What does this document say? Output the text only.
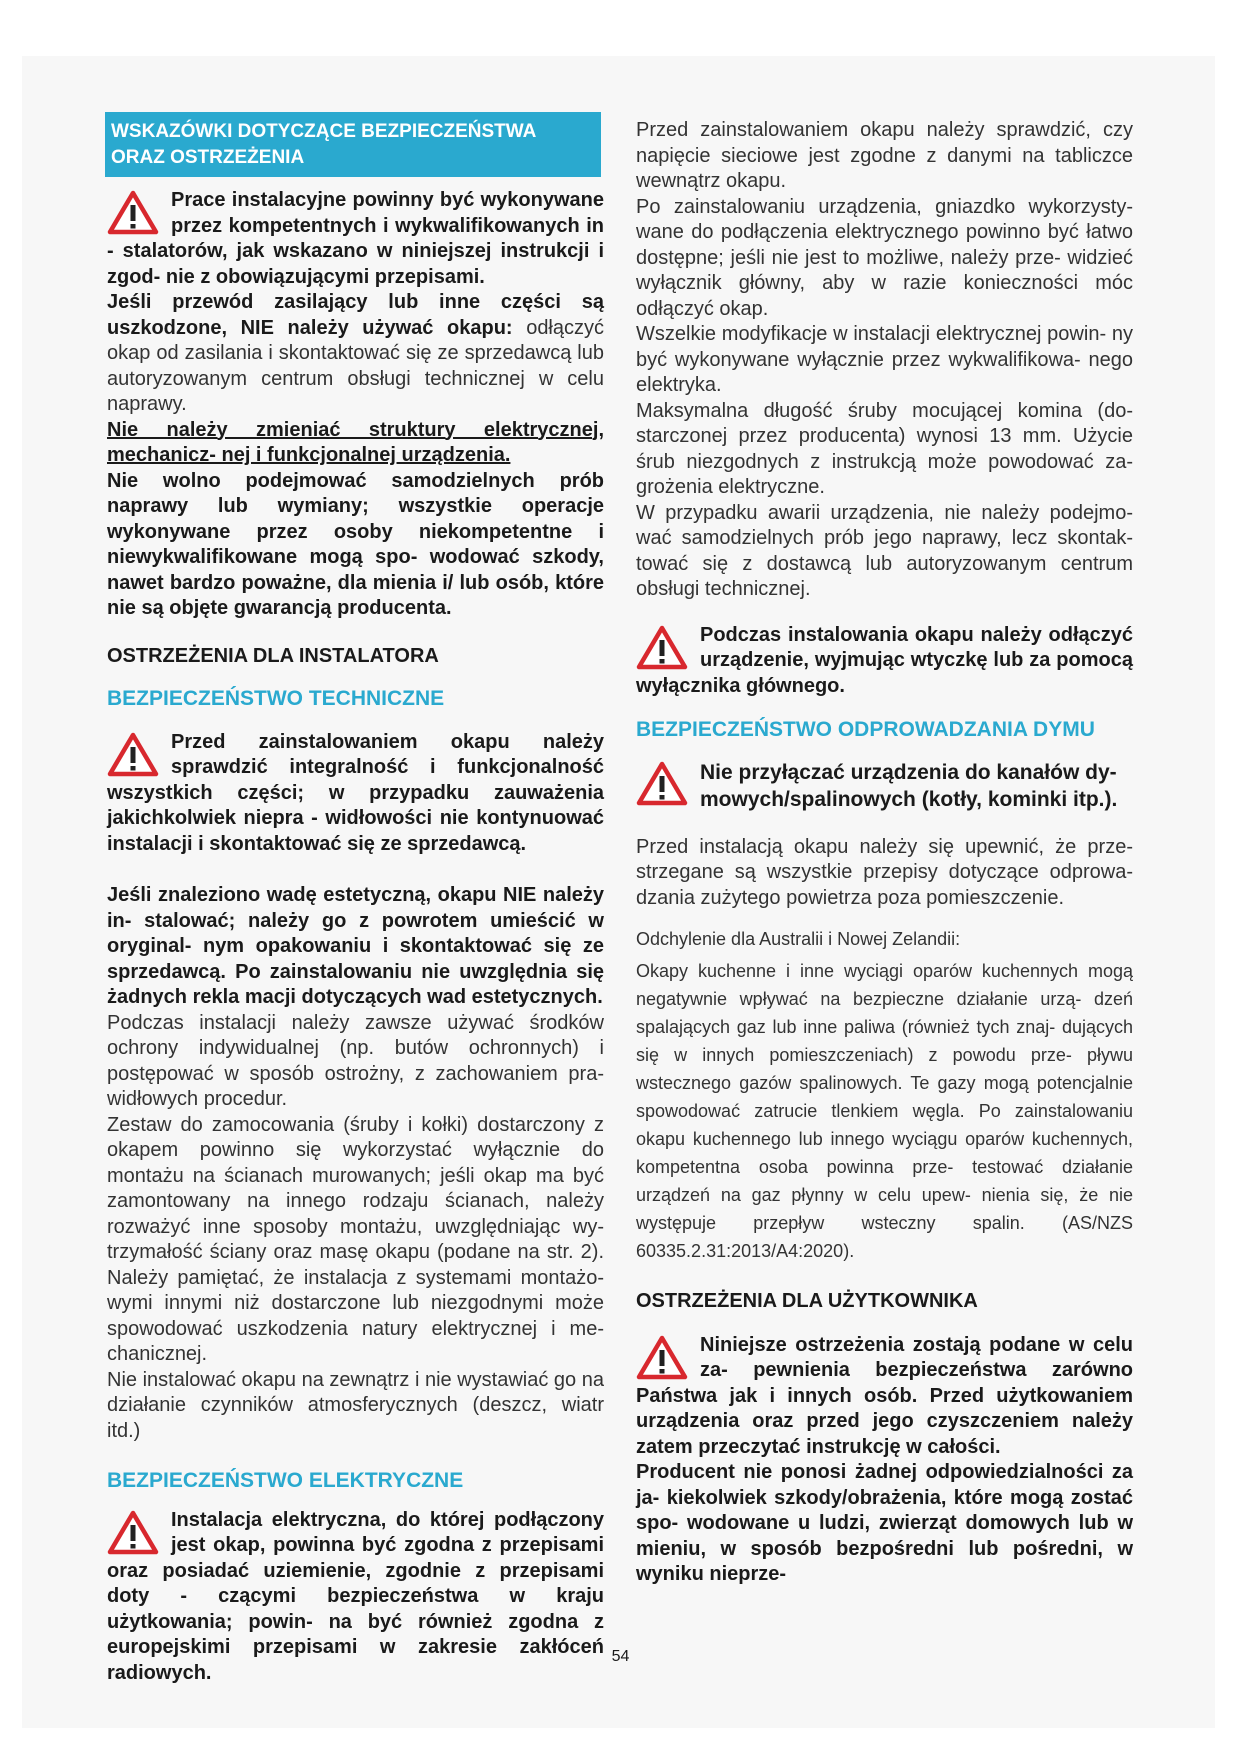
WSKAZÓWKI DOTYCZĄCE BEZPIECZEŃSTWA ORAZ OSTRZEŻENIA

Prace instalacyjne powinny być wykonywane przez kompetentnych i wykwalifikowanych in - stalatorów, jak wskazano w niniejszej instrukcji i zgod- nie z obowiązującymi przepisami.

Jeśli przewód zasilający lub inne części są uszkodzone, NIE należy używać okapu: odłączyć okap od zasilania i skontaktować się ze sprzedawcą lub autoryzowanym centrum obsługi technicznej w celu naprawy.

Nie należy zmieniać struktury elektrycznej, mechanicz- nej i funkcjonalnej urządzenia.

Nie wolno podejmować samodzielnych prób naprawy lub wymiany; wszystkie operacje wykonywane przez osoby niekompetentne i niewykwalifikowane mogą spo- wodować szkody, nawet bardzo poważne, dla mienia i/ lub osób, które nie są objęte gwarancją producenta.

OSTRZEŻENIA DLA INSTALATORA

BEZPIECZEŃSTWO TECHNICZNE

Przed zainstalowaniem okapu należy sprawdzić integralność i funkcjonalność wszystkich części; w przypadku zauważenia jakichkolwiek niepra - widłowości nie kontynuować instalacji i skontaktować się ze sprzedawcą.

Jeśli znaleziono wadę estetyczną, okapu NIE należy in- stalować; należy go z powrotem umieścić w oryginal- nym opakowaniu i skontaktować się ze sprzedawcą. Po zainstalowaniu nie uwzględnia się żadnych rekla macji dotyczących wad estetycznych.

Podczas instalacji należy zawsze używać środków ochrony indywidualnej (np. butów ochronnych) i postępować w sposób ostrożny, z zachowaniem pra- widłowych procedur.

Zestaw do zamocowania (śruby i kołki) dostarczony z okapem powinno się wykorzystać wyłącznie do montażu na ścianach murowanych; jeśli okap ma być zamontowany na innego rodzaju ścianach, należy rozważyć inne sposoby montażu, uwzględniając wy- trzymałość ściany oraz masę okapu (podane na str. 2). Należy pamiętać, że instalacja z systemami montażo- wymi innymi niż dostarczone lub niezgodnymi może spowodować uszkodzenia natury elektrycznej i me- chanicznej.

Nie instalować okapu na zewnątrz i nie wystawiać go na działanie czynników atmosferycznych (deszcz, wiatr itd.)

BEZPIECZEŃSTWO ELEKTRYCZNE

Instalacja elektryczna, do której podłączony jest okap, powinna być zgodna z przepisami oraz posiadać uziemienie, zgodnie z przepisami doty - czącymi bezpieczeństwa w kraju użytkowania; powin- na być również zgodna z europejskimi przepisami w zakresie zakłóceń radiowych.

Przed zainstalowaniem okapu należy sprawdzić, czy napięcie sieciowe jest zgodne z danymi na tabliczce wewnątrz okapu.

Po zainstalowaniu urządzenia, gniazdko wykorzysty- wane do podłączenia elektrycznego powinno być łatwo dostępne; jeśli nie jest to możliwe, należy prze- widzieć wyłącznik główny, aby w razie konieczności móc odłączyć okap.

Wszelkie modyfikacje w instalacji elektrycznej powin- ny być wykonywane wyłącznie przez wykwalifikowa- nego elektryka.

Maksymalna długość śruby mocującej komina (do- starczonej przez producenta) wynosi 13 mm. Użycie śrub niezgodnych z instrukcją może powodować za- grożenia elektryczne.

W przypadku awarii urządzenia, nie należy podejmo- wać samodzielnych prób jego naprawy, lecz skontak- tować się z dostawcą lub autoryzowanym centrum obsługi technicznej.

Podczas instalowania okapu należy odłączyć urządzenie, wyjmując wtyczkę lub za pomocą wyłącznika głównego.

BEZPIECZEŃSTWO ODPROWADZANIA DYMU

Nie przyłączać urządzenia do kanałów dy- mowych/spalinowych (kotły, kominki itp.).

Przed instalacją okapu należy się upewnić, że prze- strzegane są wszystkie przepisy dotyczące odprowa- dzania zużytego powietrza poza pomieszczenie.

Odchylenie dla Australii i Nowej Zelandii:

Okapy kuchenne i inne wyciągi oparów kuchennych mogą negatywnie wpływać na bezpieczne działanie urzą- dzeń spalających gaz lub inne paliwa (również tych znaj- dujących się w innych pomieszczeniach) z powodu prze- pływu wstecznego gazów spalinowych. Te gazy mogą potencjalnie spowodować zatrucie tlenkiem węgla. Po zainstalowaniu okapu kuchennego lub innego wyciągu oparów kuchennych, kompetentna osoba powinna prze- testować działanie urządzeń na gaz płynny w celu upew- nienia się, że nie występuje przepływ wsteczny spalin. (AS/NZS 60335.2.31:2013/A4:2020).

OSTRZEŻENIA DLA UŻYTKOWNIKA

Niniejsze ostrzeżenia zostają podane w celu za- pewnienia bezpieczeństwa zarówno Państwa jak i innych osób. Przed użytkowaniem urządzenia oraz przed jego czyszczeniem należy zatem przeczytać instrukcję w całości.

Producent nie ponosi żadnej odpowiedzialności za ja- kiekolwiek szkody/obrażenia, które mogą zostać spo- wodowane u ludzi, zwierząt domowych lub w mieniu, w sposób bezpośredni lub pośredni, w wyniku nieprze-

54
